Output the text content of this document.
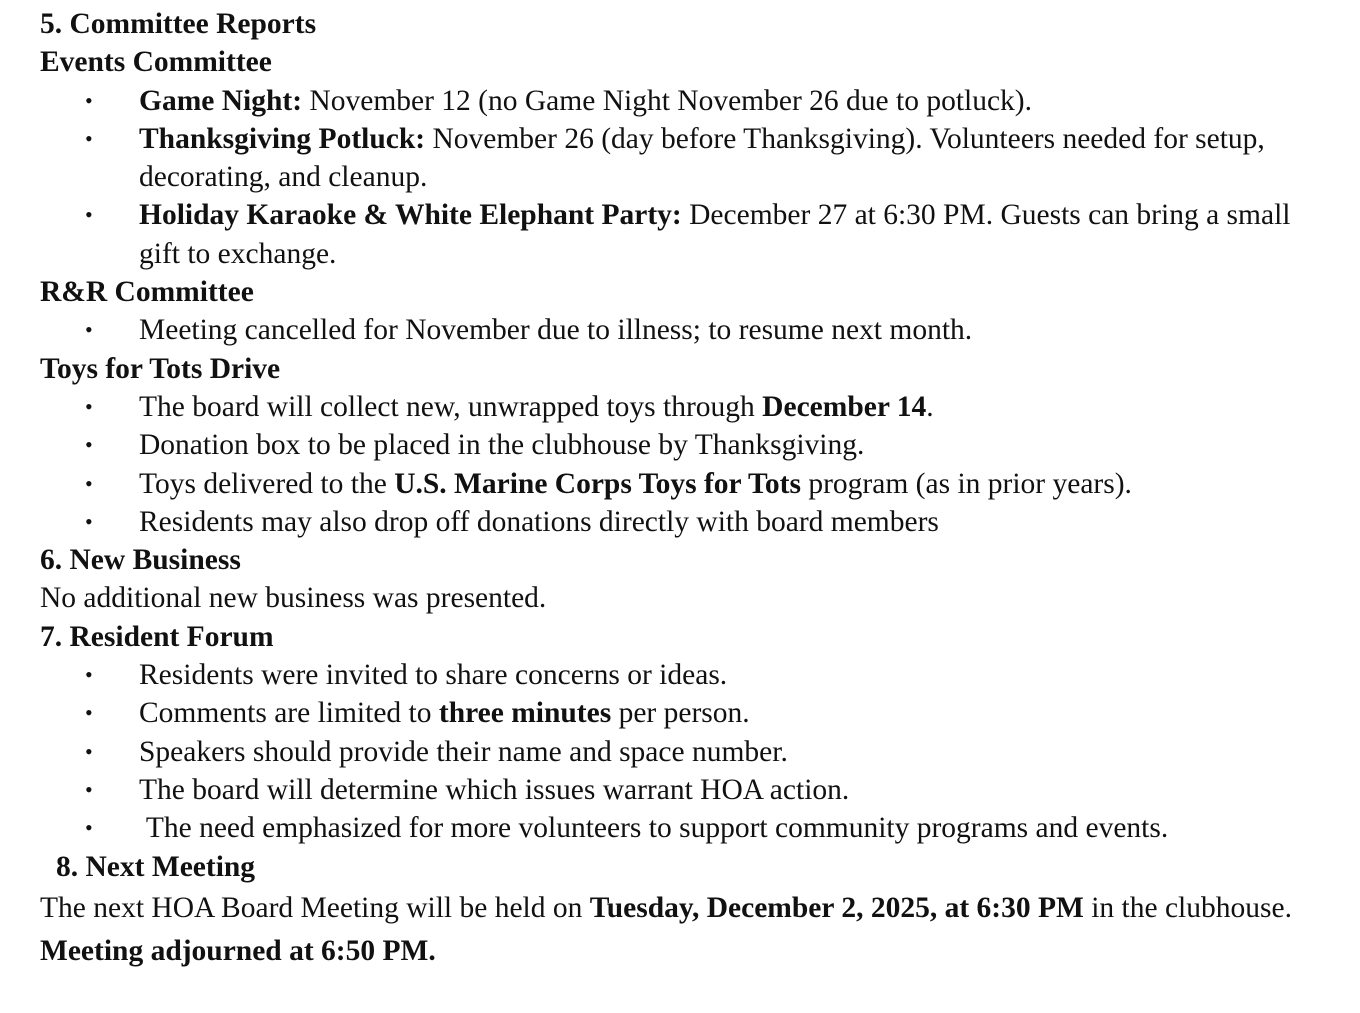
5. Committee Reports
Events Committee
• Game Night: November 12 (no Game Night November 26 due to potluck).
• Thanksgiving Potluck: November 26 (day before Thanksgiving). Volunteers needed for setup, decorating, and cleanup.
• Holiday Karaoke & White Elephant Party: December 27 at 6:30 PM. Guests can bring a small gift to exchange.
R&R Committee
• Meeting cancelled for November due to illness; to resume next month.
Toys for Tots Drive
• The board will collect new, unwrapped toys through December 14.
• Donation box to be placed in the clubhouse by Thanksgiving.
• Toys delivered to the U.S. Marine Corps Toys for Tots program (as in prior years).
• Residents may also drop off donations directly with board members
6. New Business
No additional new business was presented.
7. Resident Forum
• Residents were invited to share concerns or ideas.
• Comments are limited to three minutes per person.
• Speakers should provide their name and space number.
• The board will determine which issues warrant HOA action.
• The need emphasized for more volunteers to support community programs and events.
8. Next Meeting
The next HOA Board Meeting will be held on Tuesday, December 2, 2025, at 6:30 PM in the clubhouse.
Meeting adjourned at 6:50 PM.
